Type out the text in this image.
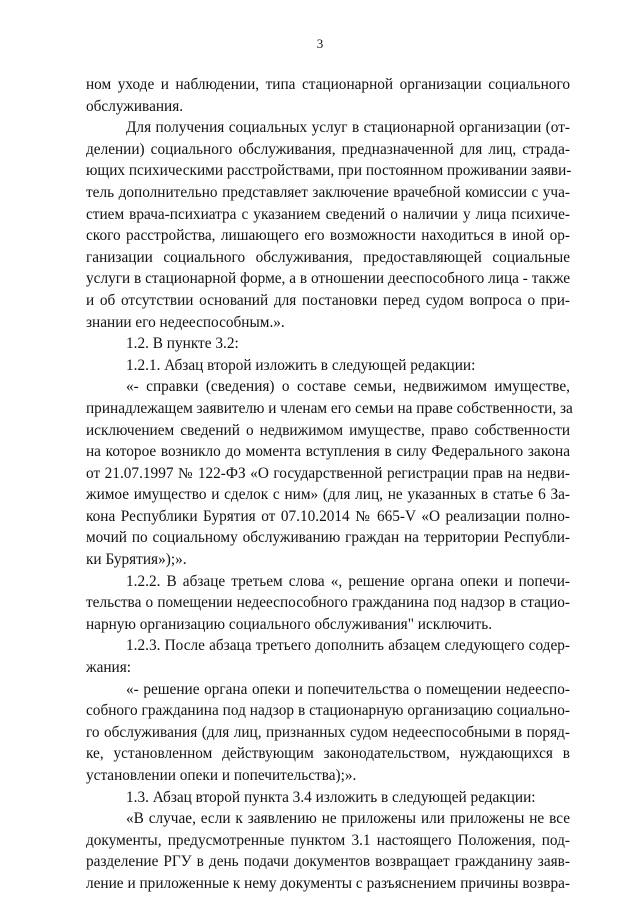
3
ном уходе и наблюдении, типа стационарной организации социального
обслуживания.
Для получения социальных услуг в стационарной организации (от-
делении) социального обслуживания, предназначенной для лиц, страда-
ющих психическими расстройствами, при постоянном проживании заяви-
тель дополнительно представляет заключение врачебной комиссии с уча-
стием врача-психиатра с указанием сведений о наличии у лица психиче-
ского расстройства, лишающего его возможности находиться в иной ор-
ганизации социального обслуживания, предоставляющей социальные
услуги в стационарной форме, а в отношении дееспособного лица - также
и об отсутствии оснований для постановки перед судом вопроса о при-
знании его недееспособным.».
1.2. В пункте 3.2:
1.2.1. Абзац второй изложить в следующей редакции:
«- справки (сведения) о составе семьи, недвижимом имуществе,
принадлежащем заявителю и членам его семьи на праве собственности, за
исключением сведений о недвижимом имуществе, право собственности
на которое возникло до момента вступления в силу Федерального закона
от 21.07.1997 № 122-ФЗ «О государственной регистрации прав на недви-
жимое имущество и сделок с ним» (для лиц, не указанных в статье 6 За-
кона Республики Бурятия от 07.10.2014 № 665-V «О реализации полно-
мочий по социальному обслуживанию граждан на территории Республи-
ки Бурятия»);».
1.2.2. В абзаце третьем слова «, решение органа опеки и попечи-
тельства о помещении недееспособного гражданина под надзор в стацио-
нарную организацию социального обслуживания" исключить.
1.2.3. После абзаца третьего дополнить абзацем следующего содер-
жания:
«- решение органа опеки и попечительства о помещении недееспо-
собного гражданина под надзор в стационарную организацию социально-
го обслуживания (для лиц, признанных судом недееспособными в поряд-
ке, установленном действующим законодательством, нуждающихся в
установлении опеки и попечительства);».
1.3. Абзац второй пункта 3.4 изложить в следующей редакции:
«В случае, если к заявлению не приложены или приложены не все
документы, предусмотренные пунктом 3.1 настоящего Положения, под-
разделение РГУ в день подачи документов возвращает гражданину заяв-
ление и приложенные к нему документы с разъяснением причины возвра-
